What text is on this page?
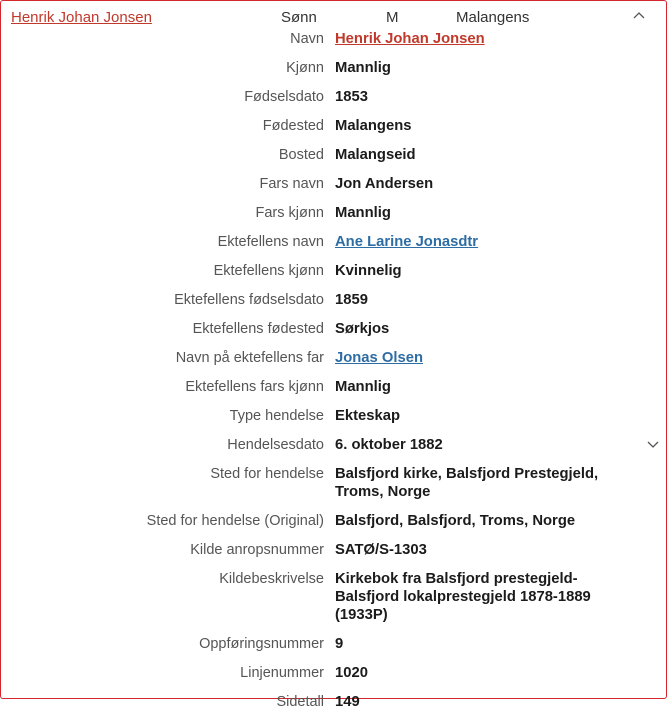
Henrik Johan Jonsen	Sønn	M	Malangens
Navn Henrik Johan Jonsen
Kjønn Mannlig
Fødselsdato 1853
Fødested Malangens
Bosted Malangseid
Fars navn Jon Andersen
Fars kjønn Mannlig
Ektefellens navn Ane Larine Jonasdtr
Ektefellens kjønn Kvinnelig
Ektefellens fødselsdato 1859
Ektefellens fødested Sørkjos
Navn på ektefellens far Jonas Olsen
Ektefellens fars kjønn Mannlig
Type hendelse Ekteskap
Hendelsesdato 6. oktober 1882
Sted for hendelse Balsfjord kirke, Balsfjord Prestegjeld, Troms, Norge
Sted for hendelse (Original) Balsfjord, Balsfjord, Troms, Norge
Kilde anropsnummer SATØ/S-1303
Kildebeskrivelse Kirkebok fra Balsfjord prestegjeld-Balsfjord lokalprestegjeld 1878-1889 (1933P)
Oppføringsnummer 9
Linjenummer 1020
Sidetall 149
